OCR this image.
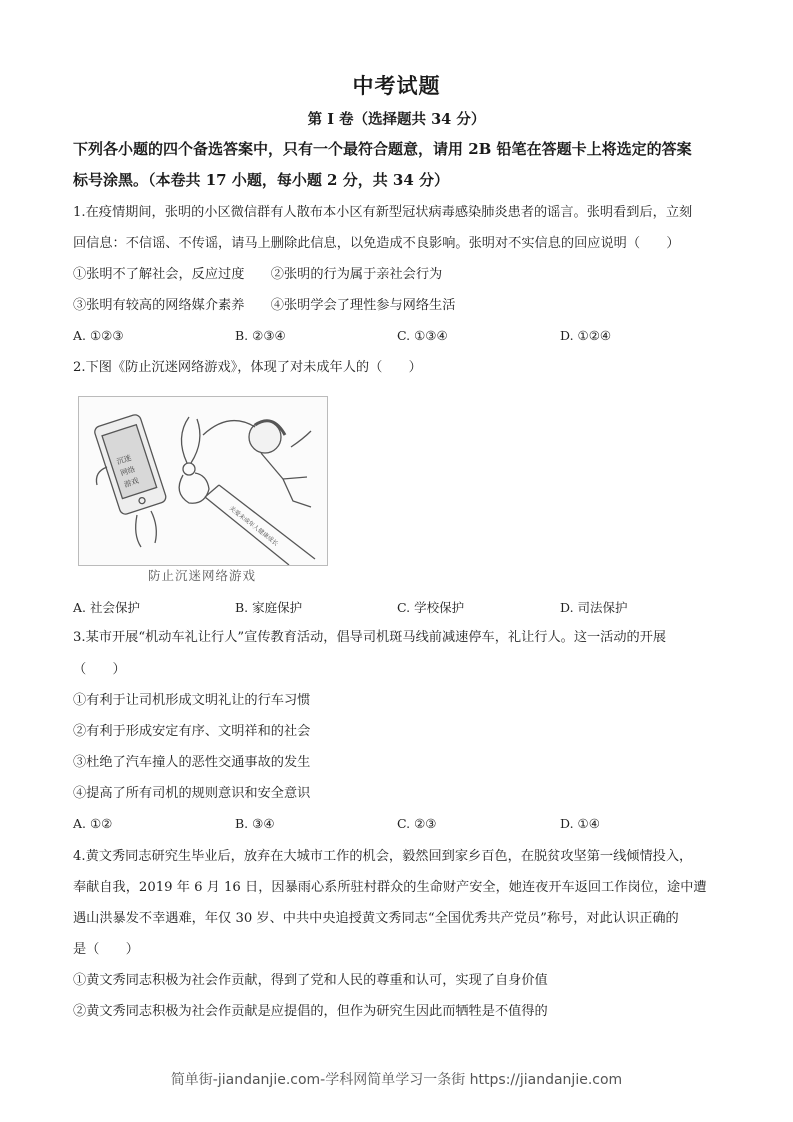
中考试题
第 I 卷（选择题共 34 分）
下列各小题的四个备选答案中，只有一个最符合题意，请用 2B 铅笔在答题卡上将选定的答案
标号涂黑。（本卷共 17 小题，每小题 2 分，共 34 分）
1.在疫情期间，张明的小区微信群有人散布本小区有新型冠状病毒感染肺炎患者的谣言。张明看到后，立刻
回信息：不信谣、不传谣，请马上删除此信息，以免造成不良影响。张明对不实信息的回应说明（　　）
①张明不了解社会，反应过度　　②张明的行为属于亲社会行为
③张明有较高的网络媒介素养　　④张明学会了理性参与网络生活
A. ①②③	B. ②③④	C. ①③④	D. ①②④
2.下图《防止沉迷网络游戏》，体现了对未成年人的（　　）
沉迷
网络
游戏
关爱未成年人健康成长
防止沉迷网络游戏
A. 社会保护	B. 家庭保护	C. 学校保护	D. 司法保护
3.某市开展“机动车礼让行人”宣传教育活动，倡导司机斑马线前减速停车，礼让行人。这一活动的开展
（　　）
①有利于让司机形成文明礼让的行车习惯
②有利于形成安定有序、文明祥和的社会
③杜绝了汽车撞人的恶性交通事故的发生
④提高了所有司机的规则意识和安全意识
A. ①②	B. ③④	C. ②③	D. ①④
4.黄文秀同志研究生毕业后，放弃在大城市工作的机会，毅然回到家乡百色，在脱贫攻坚第一线倾情投入，
奉献自我，2019 年 6 月 16 日，因暴雨心系所驻村群众的生命财产安全，她连夜开车返回工作岗位，途中遭
遇山洪暴发不幸遇难，年仅 30 岁、中共中央追授黄文秀同志“全国优秀共产党员”称号，对此认识正确的
是（　　）
①黄文秀同志积极为社会作贡献，得到了党和人民的尊重和认可，实现了自身价值
②黄文秀同志积极为社会作贡献是应提倡的，但作为研究生因此而牺牲是不值得的
简单街-jiandanjie.com-学科网简单学习一条街 https://jiandanjie.com
